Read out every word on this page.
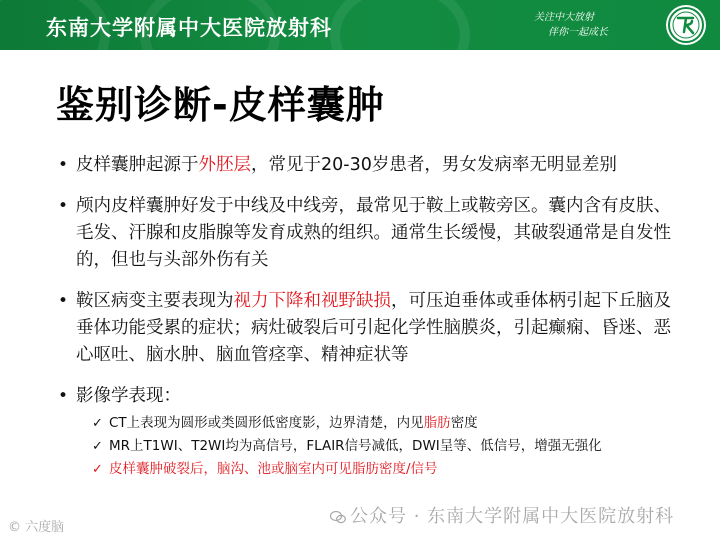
东南大学附属中大医院放射科	关注中大放射
伴你一起成长
鉴别诊断-皮样囊肿
• 皮样囊肿起源于外胚层，常见于20-30岁患者，男女发病率无明显差别
• 颅内皮样囊肿好发于中线及中线旁，最常见于鞍上或鞍旁区。囊内含有皮肤、毛发、汗腺和皮脂腺等发育成熟的组织。通常生长缓慢，其破裂通常是自发性的，但也与头部外伤有关
• 鞍区病变主要表现为视力下降和视野缺损，可压迫垂体或垂体柄引起下丘脑及垂体功能受累的症状；病灶破裂后可引起化学性脑膜炎，引起癫痫、昏迷、恶心呕吐、脑水肿、脑血管痉挛、精神症状等
• 影像学表现：
✓ CT上表现为圆形或类圆形低密度影，边界清楚，内见脂肪密度
✓ MR上T1WI、T2WI均为高信号，FLAIR信号减低，DWI呈等、低信号，增强无强化
✓ 皮样囊肿破裂后，脑沟、池或脑室内可见脂肪密度/信号
© 六度脑
公众号 · 东南大学附属中大医院放射科
